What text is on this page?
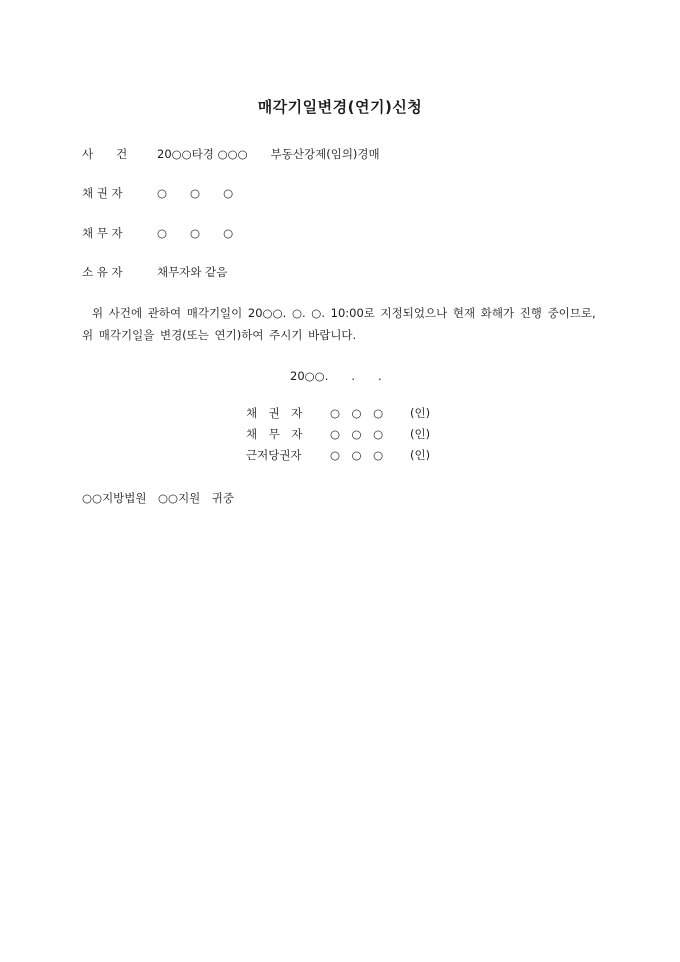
매각기일변경(연기)신청
사　　건	20○○타경 ○○○　　부동산강제(임의)경매
채 권 자	○　　○　　○
채 무 자	○　　○　　○
소 유 자	채무자와 같음
위 사건에 관하여 매각기일이 20○○. ○. ○. 10:00로 지정되었으나 현재 화해가 진행 중이므로, 위 매각기일을 변경(또는 연기)하여 주시기 바랍니다.
20○○.　　.　　.
채　권　자 ○　○　○ (인)
채　무　자 ○　○　○ (인)
근저당권자 ○　○　○ (인)
○○지방법원　○○지원　귀중
